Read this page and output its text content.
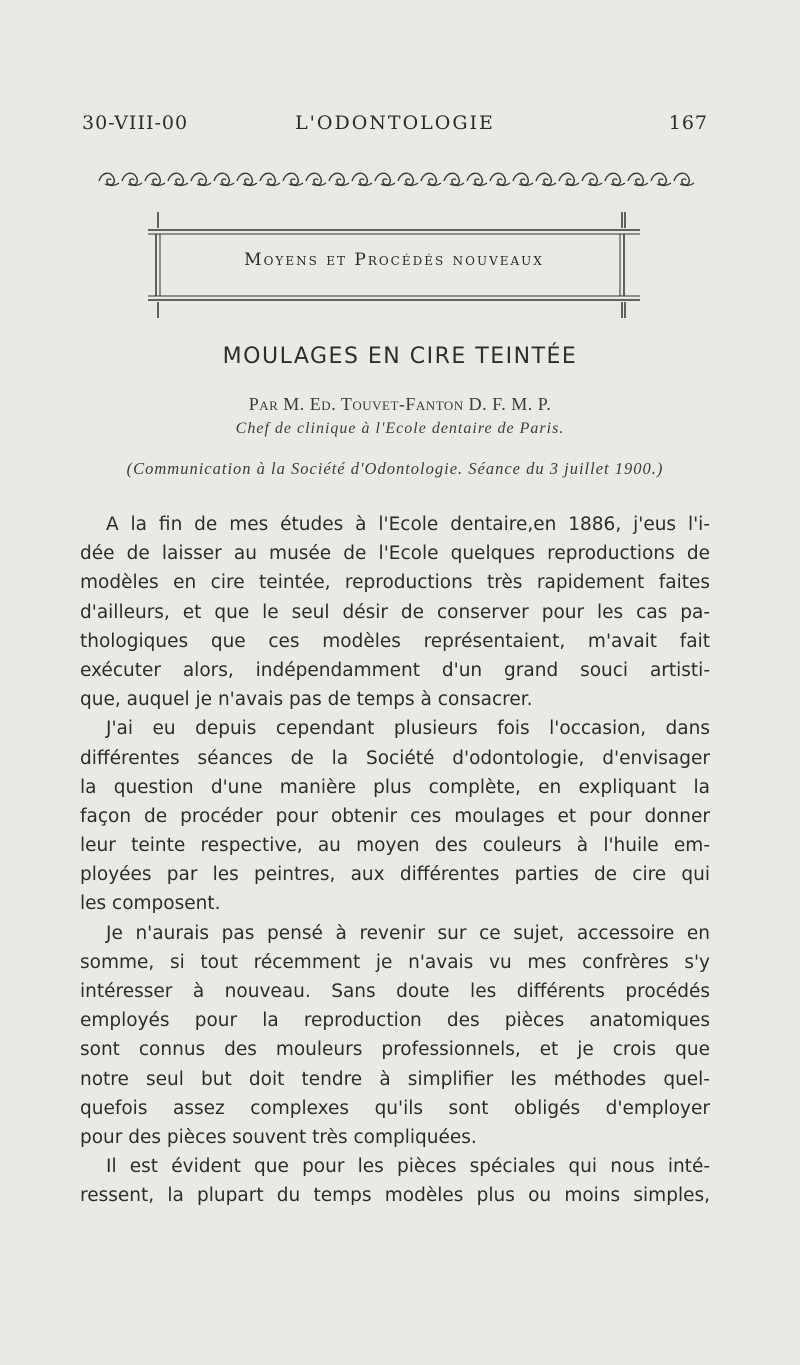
30-VIII-00	L'ODONTOLOGIE	167
Moyens et Procédés nouveaux
MOULAGES EN CIRE TEINTÉE
Par M. Ed. Touvet-Fanton D. F. M. P.
Chef de clinique à l'Ecole dentaire de Paris.
(Communication à la Société d'Odontologie. Séance du 3 juillet 1900.)
A la fin de mes études à l'Ecole dentaire,en 1886, j'eus l'i-
dée de laisser au musée de l'Ecole quelques reproductions de
modèles en cire teintée, reproductions très rapidement faites
d'ailleurs, et que le seul désir de conserver pour les cas pa-
thologiques que ces modèles représentaient, m'avait fait
exécuter alors, indépendamment d'un grand souci artisti-
que, auquel je n'avais pas de temps à consacrer.
J'ai eu depuis cependant plusieurs fois l'occasion, dans
différentes séances de la Société d'odontologie, d'envisager
la question d'une manière plus complète, en expliquant la
façon de procéder pour obtenir ces moulages et pour donner
leur teinte respective, au moyen des couleurs à l'huile em-
ployées par les peintres, aux différentes parties de cire qui
les composent.
Je n'aurais pas pensé à revenir sur ce sujet, accessoire en
somme, si tout récemment je n'avais vu mes confrères s'y
intéresser à nouveau. Sans doute les différents procédés
employés pour la reproduction des pièces anatomiques
sont connus des mouleurs professionnels, et je crois que
notre seul but doit tendre à simplifier les méthodes quel-
quefois assez complexes qu'ils sont obligés d'employer
pour des pièces souvent très compliquées.
Il est évident que pour les pièces spéciales qui nous inté-
ressent, la plupart du temps modèles plus ou moins simples,
